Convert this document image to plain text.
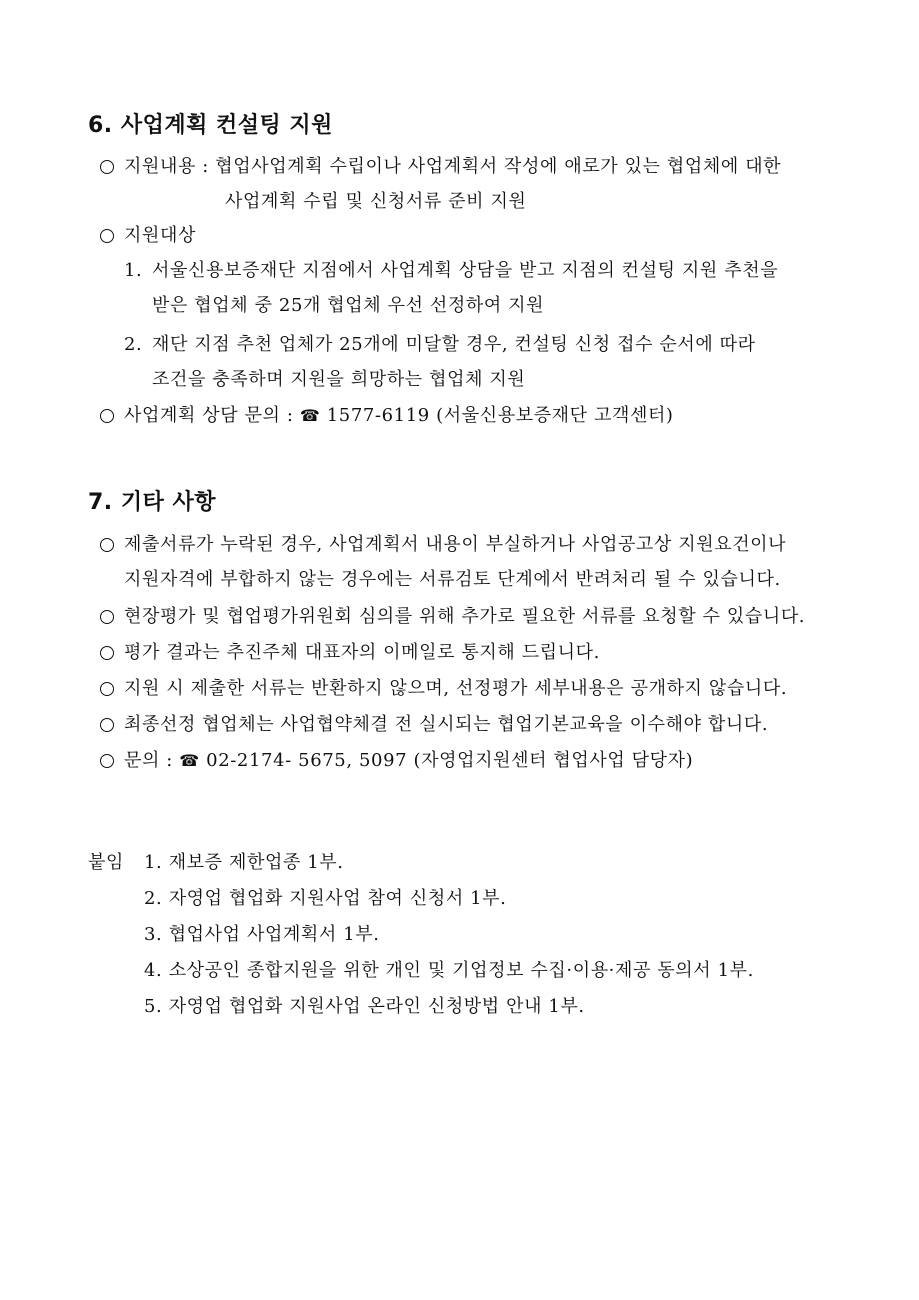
6. 사업계획 컨설팅 지원
지원내용 : 협업사업계획 수립이나 사업계획서 작성에 애로가 있는 협업체에 대한
사업계획 수립 및 신청서류 준비 지원
지원대상
1. 서울신용보증재단 지점에서 사업계획 상담을 받고 지점의 컨설팅 지원 추천을
받은 협업체 중 25개 협업체 우선 선정하여 지원
2. 재단 지점 추천 업체가 25개에 미달할 경우, 컨설팅 신청 접수 순서에 따라
조건을 충족하며 지원을 희망하는 협업체 지원
사업계획 상담 문의 : ☎ 1577-6119 (서울신용보증재단 고객센터)
7. 기타 사항
제출서류가 누락된 경우, 사업계획서 내용이 부실하거나 사업공고상 지원요건이나
지원자격에 부합하지 않는 경우에는 서류검토 단계에서 반려처리 될 수 있습니다.
현장평가 및 협업평가위원회 심의를 위해 추가로 필요한 서류를 요청할 수 있습니다.
평가 결과는 추진주체 대표자의 이메일로 통지해 드립니다.
지원 시 제출한 서류는 반환하지 않으며, 선정평가 세부내용은 공개하지 않습니다.
최종선정 협업체는 사업협약체결 전 실시되는 협업기본교육을 이수해야 합니다.
문의 : ☎ 02-2174- 5675, 5097 (자영업지원센터 협업사업 담당자)
붙임 1. 재보증 제한업종 1부.
2. 자영업 협업화 지원사업 참여 신청서 1부.
3. 협업사업 사업계획서 1부.
4. 소상공인 종합지원을 위한 개인 및 기업정보 수집·이용·제공 동의서 1부.
5. 자영업 협업화 지원사업 온라인 신청방법 안내 1부.
